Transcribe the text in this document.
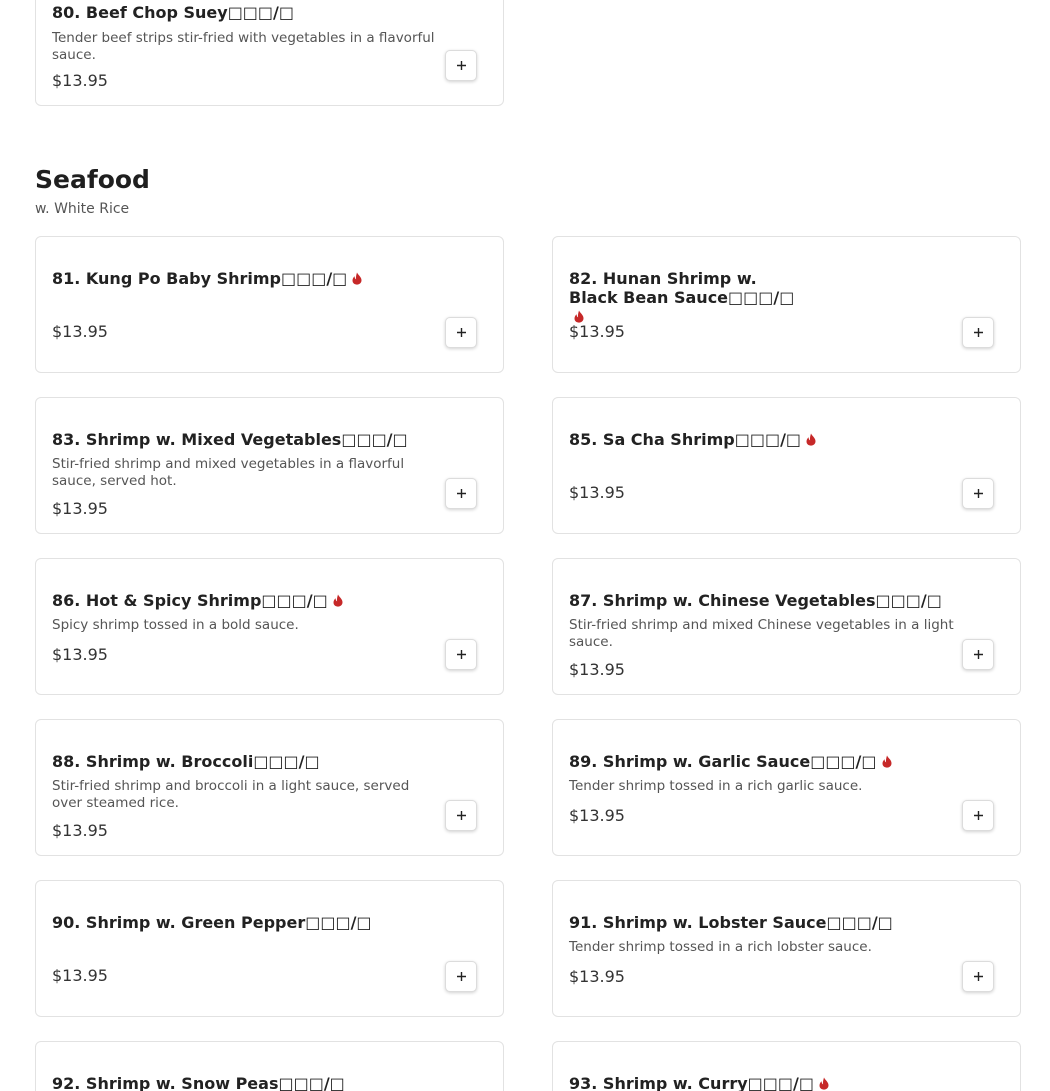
80. Beef Chop Suey□□□/□
Tender beef strips stir-fried with vegetables in a flavorful sauce.
$13.95
Seafood
w. White Rice
81. Kung Po Baby Shrimp□□□/□
$13.95
82. Hunan Shrimp w. Black Bean Sauce□□□/□
$13.95
83. Shrimp w. Mixed Vegetables□□□/□
Stir-fried shrimp and mixed vegetables in a flavorful sauce, served hot.
$13.95
85. Sa Cha Shrimp□□□/□
$13.95
86. Hot & Spicy Shrimp□□□/□
Spicy shrimp tossed in a bold sauce.
$13.95
87. Shrimp w. Chinese Vegetables□□□/□
Stir-fried shrimp and mixed Chinese vegetables in a light sauce.
$13.95
88. Shrimp w. Broccoli□□□/□
Stir-fried shrimp and broccoli in a light sauce, served over steamed rice.
$13.95
89. Shrimp w. Garlic Sauce□□□/□
Tender shrimp tossed in a rich garlic sauce.
$13.95
90. Shrimp w. Green Pepper□□□/□
$13.95
91. Shrimp w. Lobster Sauce□□□/□
Tender shrimp tossed in a rich lobster sauce.
$13.95
92. Shrimp w. Snow Peas□□□/□	93. Shrimp w. Curry□□□/□
